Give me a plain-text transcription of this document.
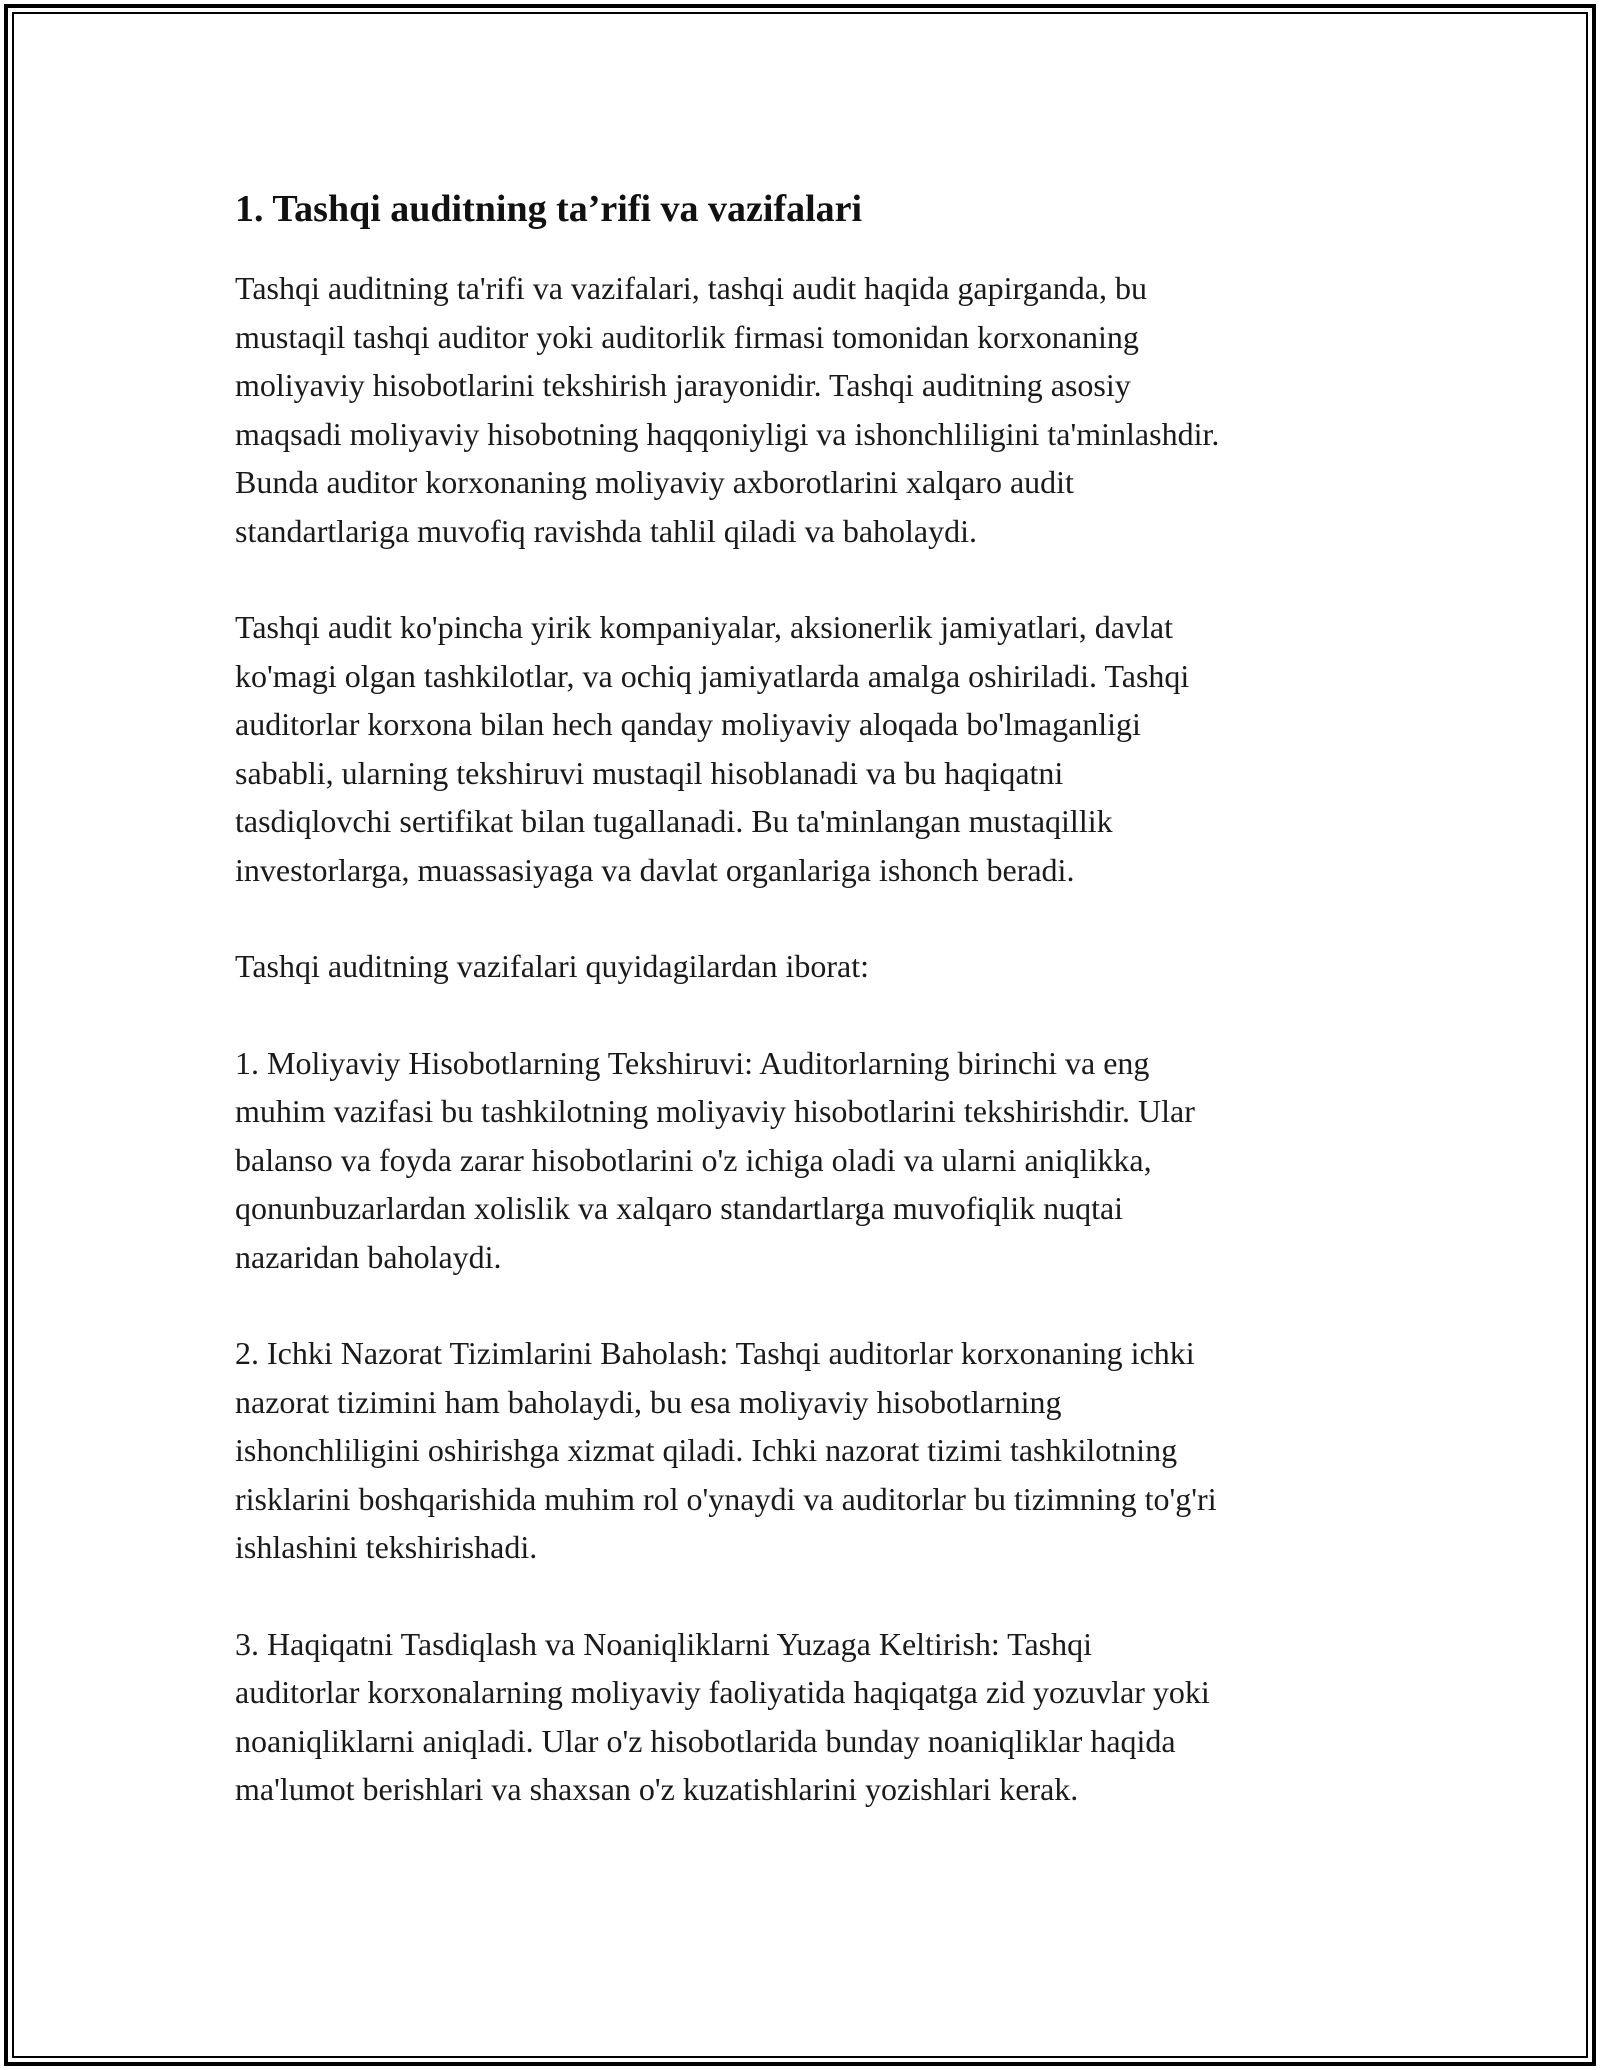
1. Tashqi auditning ta’rifi va vazifalari

Tashqi auditning ta'rifi va vazifalari, tashqi audit haqida gapirganda, bu
mustaqil tashqi auditor yoki auditorlik firmasi tomonidan korxonaning
moliyaviy hisobotlarini tekshirish jarayonidir. Tashqi auditning asosiy
maqsadi moliyaviy hisobotning haqqoniyligi va ishonchliligini ta'minlashdir.
Bunda auditor korxonaning moliyaviy axborotlarini xalqaro audit
standartlariga muvofiq ravishda tahlil qiladi va baholaydi.

Tashqi audit ko'pincha yirik kompaniyalar, aksionerlik jamiyatlari, davlat
ko'magi olgan tashkilotlar, va ochiq jamiyatlarda amalga oshiriladi. Tashqi
auditorlar korxona bilan hech qanday moliyaviy aloqada bo'lmaganligi
sababli, ularning tekshiruvi mustaqil hisoblanadi va bu haqiqatni
tasdiqlovchi sertifikat bilan tugallanadi. Bu ta'minlangan mustaqillik
investorlarga, muassasiyaga va davlat organlariga ishonch beradi.

Tashqi auditning vazifalari quyidagilardan iborat:

1. Moliyaviy Hisobotlarning Tekshiruvi: Auditorlarning birinchi va eng
muhim vazifasi bu tashkilotning moliyaviy hisobotlarini tekshirishdir. Ular
balanso va foyda zarar hisobotlarini o'z ichiga oladi va ularni aniqlikka,
qonunbuzarlardan xolislik va xalqaro standartlarga muvofiqlik nuqtai
nazaridan baholaydi.

2. Ichki Nazorat Tizimlarini Baholash: Tashqi auditorlar korxonaning ichki
nazorat tizimini ham baholaydi, bu esa moliyaviy hisobotlarning
ishonchliligini oshirishga xizmat qiladi. Ichki nazorat tizimi tashkilotning
risklarini boshqarishida muhim rol o'ynaydi va auditorlar bu tizimning to'g'ri
ishlashini tekshirishadi.

3. Haqiqatni Tasdiqlash va Noaniqliklarni Yuzaga Keltirish: Tashqi
auditorlar korxonalarning moliyaviy faoliyatida haqiqatga zid yozuvlar yoki
noaniqliklarni aniqladi. Ular o'z hisobotlarida bunday noaniqliklar haqida
ma'lumot berishlari va shaxsan o'z kuzatishlarini yozishlari kerak.
